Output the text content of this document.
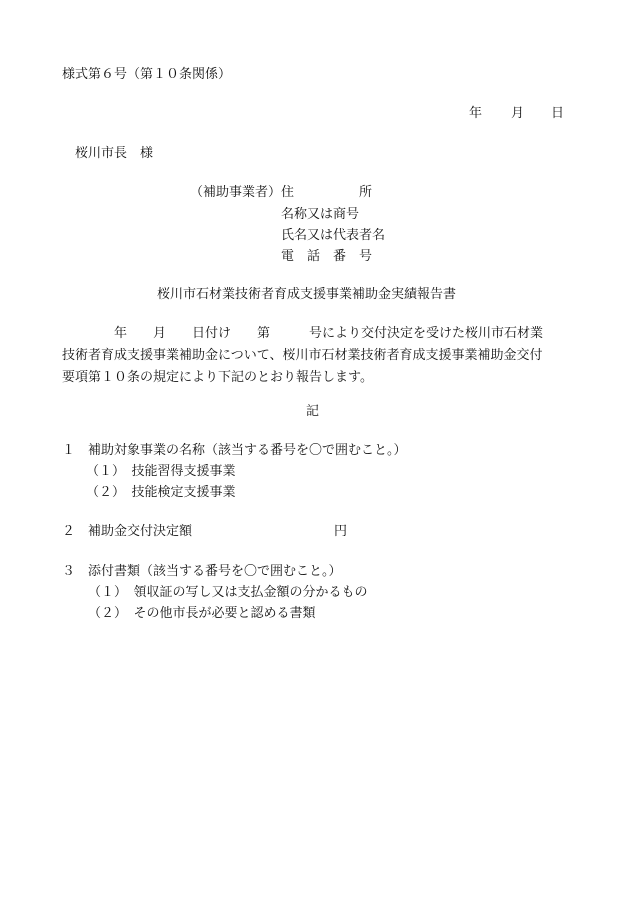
様式第６号（第１０条関係）
年 月 日
桜川市長　様
（補助事業者） 住　　　　　所
名称又は商号
氏名又は代表者名
電　話　番　号
桜川市石材業技術者育成支援事業補助金実績報告書
　　　　年　　月　　日付け　　第　　　号により交付決定を受けた桜川市石材業
技術者育成支援事業補助金について、桜川市石材業技術者育成支援事業補助金交付
要項第１０条の規定により下記のとおり報告します。
記
１　補助対象事業の名称（該当する番号を〇で囲むこと。）
（１）　技能習得支援事業
（２）　技能検定支援事業
２　補助金交付決定額	円
３　添付書類（該当する番号を〇で囲むこと。）
（１）　領収証の写し又は支払金額の分かるもの
（２）　その他市長が必要と認める書類
